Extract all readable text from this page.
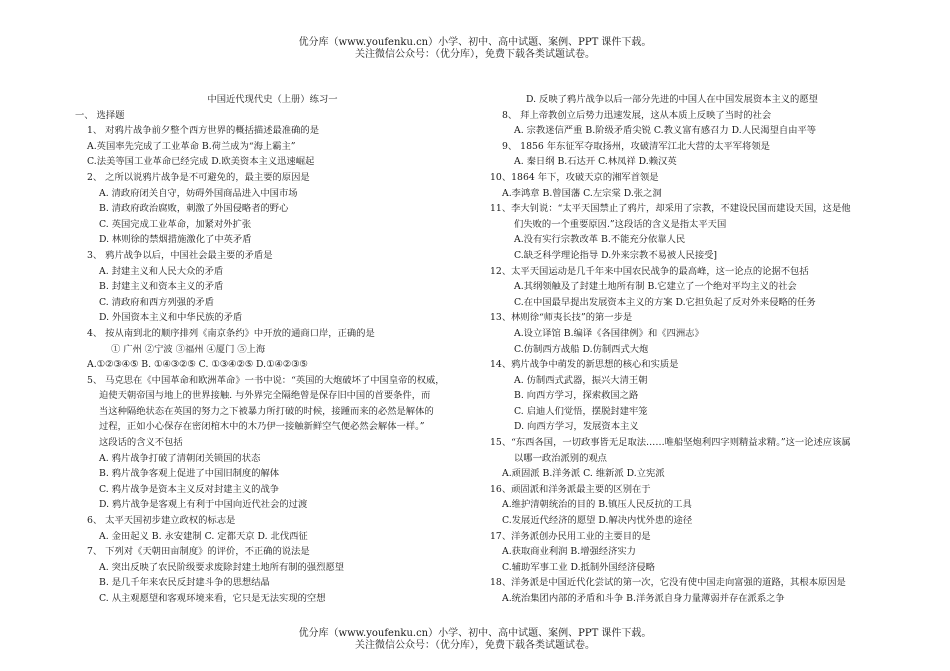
优分库（www.youfenku.cn）小学、初中、高中试题、案例、PPT 课件下载。
关注微信公众号：（优分库），免费下载各类试题试卷。
中国近代现代史（上册）练习一
一、 选择题
1、 对鸦片战争前夕整个西方世界的概括描述最准确的是
A.英国率先完成了工业革命 B.荷兰成为“海上霸主”
C.法美等国工业革命已经完成 D.欧美资本主义迅速崛起
2、 之所以说鸦片战争是不可避免的，最主要的原因是
A. 清政府闭关自守，妨碍外国商品进入中国市场
B. 清政府政治腐败，刺激了外国侵略者的野心
C. 英国完成工业革命，加紧对外扩张
D. 林则徐的禁烟措施激化了中英矛盾
3、 鸦片战争以后，中国社会最主要的矛盾是
A. 封建主义和人民大众的矛盾
B. 封建主义和资本主义的矛盾
C. 清政府和西方列强的矛盾
D. 外国资本主义和中华民族的矛盾
4、 按从南到北的顺序排列《南京条约》中开放的通商口岸，正确的是
① 广州 ②宁波 ③福州 ④厦门 ⑤上海
A.①②③④⑤ B. ①④③②⑤ C. ①③④②⑤ D.①④②③⑤
5、 马克思在《中国革命和欧洲革命》一书中说：“英国的大炮破坏了中国皇帝的权威，
迫使天朝帝国与地上的世界接触. 与外界完全隔绝曾是保存旧中国的首要条件，而
当这种隔绝状态在英国的努力之下被暴力所打破的时候，接踵而来的必然是解体的
过程，正如小心保存在密闭棺木中的木乃伊一接触新鲜空气便必然会解体一样。”
这段话的含义不包括
A. 鸦片战争打破了清朝闭关锁国的状态
B. 鸦片战争客观上促进了中国旧制度的解体
C. 鸦片战争是资本主义反对封建主义的战争
D. 鸦片战争是客观上有利于中国向近代社会的过渡
6、 太平天国初步建立政权的标志是
A. 金田起义 B. 永安建制 C. 定都天京 D. 北伐西征
7、 下列对《天朝田亩制度》的评价，不正确的说法是
A. 突出反映了农民阶级要求废除封建土地所有制的强烈愿望
B. 是几千年来农民反封建斗争的思想结晶
C. 从主观愿望和客观环境来看，它只是无法实现的空想
D. 反映了鸦片战争以后一部分先进的中国人在中国发展资本主义的愿望
8、 拜上帝教创立后势力迅速发展，这从本质上反映了当时的社会
A. 宗教迷信严重 B.阶级矛盾尖锐 C.教义富有感召力 D.人民渴望自由平等
9、 1856 年东征军夺取扬州，攻破清军江北大营的太平军将领是
A. 秦日纲 B.石达开 C.林凤祥 D.赖汉英
10、1864 年下，攻破天京的湘军首领是
A.李鸿章 B.曾国藩 C.左宗棠 D.张之洞
11、李大钊说：“太平天国禁止了鸦片，却采用了宗教，不建设民国而建设天国，这是他
们失败的一个重要原因.”这段话的含义是指太平天国
A.没有实行宗教改革 B.不能充分依靠人民
C.缺乏科学理论指导 D.外来宗教不易被人民接受]
12、太平天国运动是几千年来中国农民战争的最高峰，这一论点的论据不包括
A.其纲领触及了封建土地所有制 B.它建立了一个绝对平均主义的社会
C.在中国最早提出发展资本主义的方案 D.它担负起了反对外来侵略的任务
13、林则徐“师夷长技”的第一步是
A.设立译馆 B.编译《各国律例》和《四洲志》
C.仿制西方战船 D.仿制西式大炮
14、鸦片战争中萌发的新思想的核心和实质是
A. 仿制西式武器，振兴大清王朝
B. 向西方学习，探索救国之路
C. 启迪人们觉悟，摆脱封建牢笼
D. 向西方学习，发展资本主义
15、“东西各国，一切政事皆无足取法……唯船坚炮利四字则精益求精。”这一论述应该属
以哪一政治派别的观点
A.顽固派 B.洋务派 C. 维新派 D.立宪派
16、顽固派和洋务派最主要的区别在于
A.维护清朝统治的目的 B.镇压人民反抗的工具
C.发展近代经济的愿望 D.解决内忧外患的途径
17、洋务派创办民用工业的主要目的是
A.获取商业利润 B.增强经济实力
C.辅助军事工业 D.抵制外国经济侵略
18、洋务派是中国近代化尝试的第一次，它没有使中国走向富强的道路，其根本原因是
A.统治集团内部的矛盾和斗争 B.洋务派自身力量薄弱并存在派系之争
优分库（www.youfenku.cn）小学、初中、高中试题、案例、PPT 课件下载。
关注微信公众号：（优分库），免费下载各类试题试卷。
